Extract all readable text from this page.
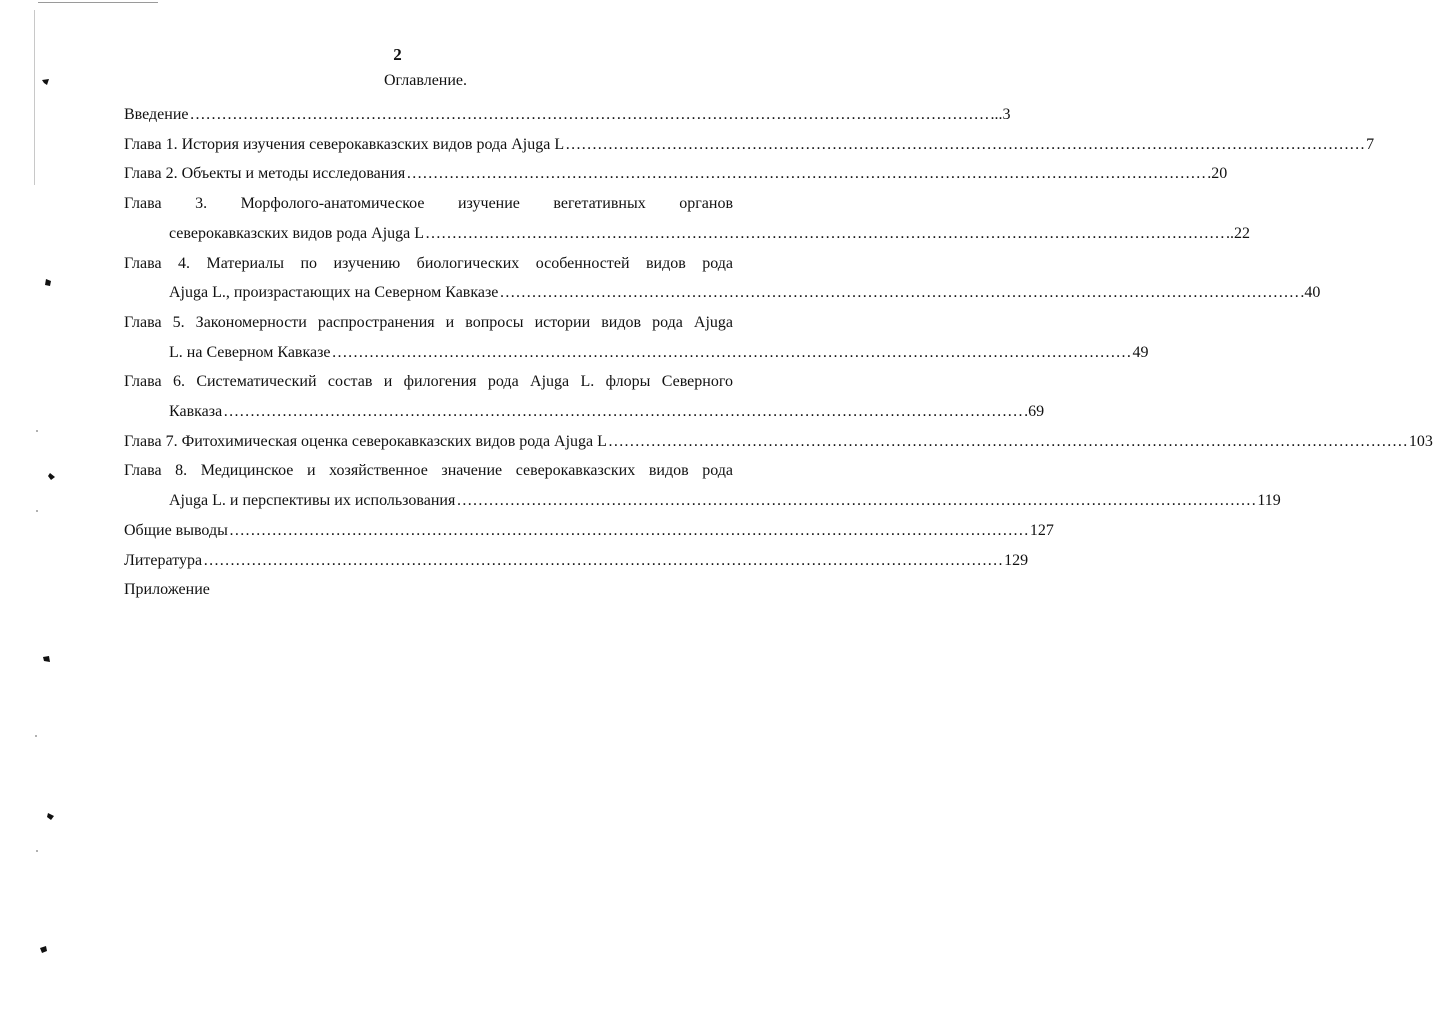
2
Оглавление.
Введение …………………………………………………………………………………………………………………………………… ...3
Глава 1. История изучения северокавказских видов рода Ajuga L …………………………………………………………………………………………………………………………………… 7
Глава 2. Объекты и методы исследования …………………………………………………………………………………………………………………………………… .20
Глава 3. Морфолого-анатомическое изучение вегетативных органов
северокавказских видов рода Ajuga L …………………………………………………………………………………………………………………………………… ..22
Глава 4. Материалы по изучению биологических особенностей видов рода
Ajuga L., произрастающих на Северном Кавказе …………………………………………………………………………………………………………………………………… .40
Глава 5. Закономерности распространения и вопросы истории видов рода Ajuga
L. на Северном Кавказе …………………………………………………………………………………………………………………………………… 49
Глава 6. Систематический состав и филогения рода Ajuga L. флоры Северного
Кавказа …………………………………………………………………………………………………………………………………… .69
Глава 7. Фитохимическая оценка северокавказских видов рода Ajuga L …………………………………………………………………………………………………………………………………… 103
Глава 8. Медицинское и хозяйственное значение северокавказских видов рода
Ajuga L. и перспективы их использования …………………………………………………………………………………………………………………………………… 119
Общие выводы …………………………………………………………………………………………………………………………………… 127
Литература …………………………………………………………………………………………………………………………………… 129
Приложение
